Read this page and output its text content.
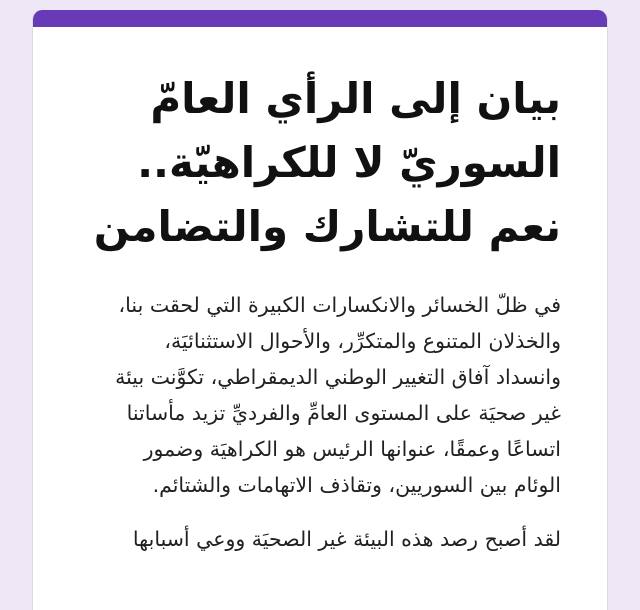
بيان إلى الرأي العامّ
السوريّ لا للكراهيّة..
نعم للتشارك والتضامن
في ظلّ الخسائر والانكسارات الكبيرة التي لحقت بنا،
والخذلان المتنوع والمتكرِّر، والأحوال الاستثنائيَة،
وانسداد آفاق التغيير الوطني الديمقراطي، تكوَّنت بيئة
غير صحيَة على المستوى العامِّ والفرديِّ تزيد مأساتنا
اتساعًا وعمقًا، عنوانها الرئيس هو الكراهيَة وضمور
الوئام بين السوريين، وتقاذف الاتهامات والشتائم.
لقد أصبح رصد هذه البيئة غير الصحيَة ووعي أسبابها
